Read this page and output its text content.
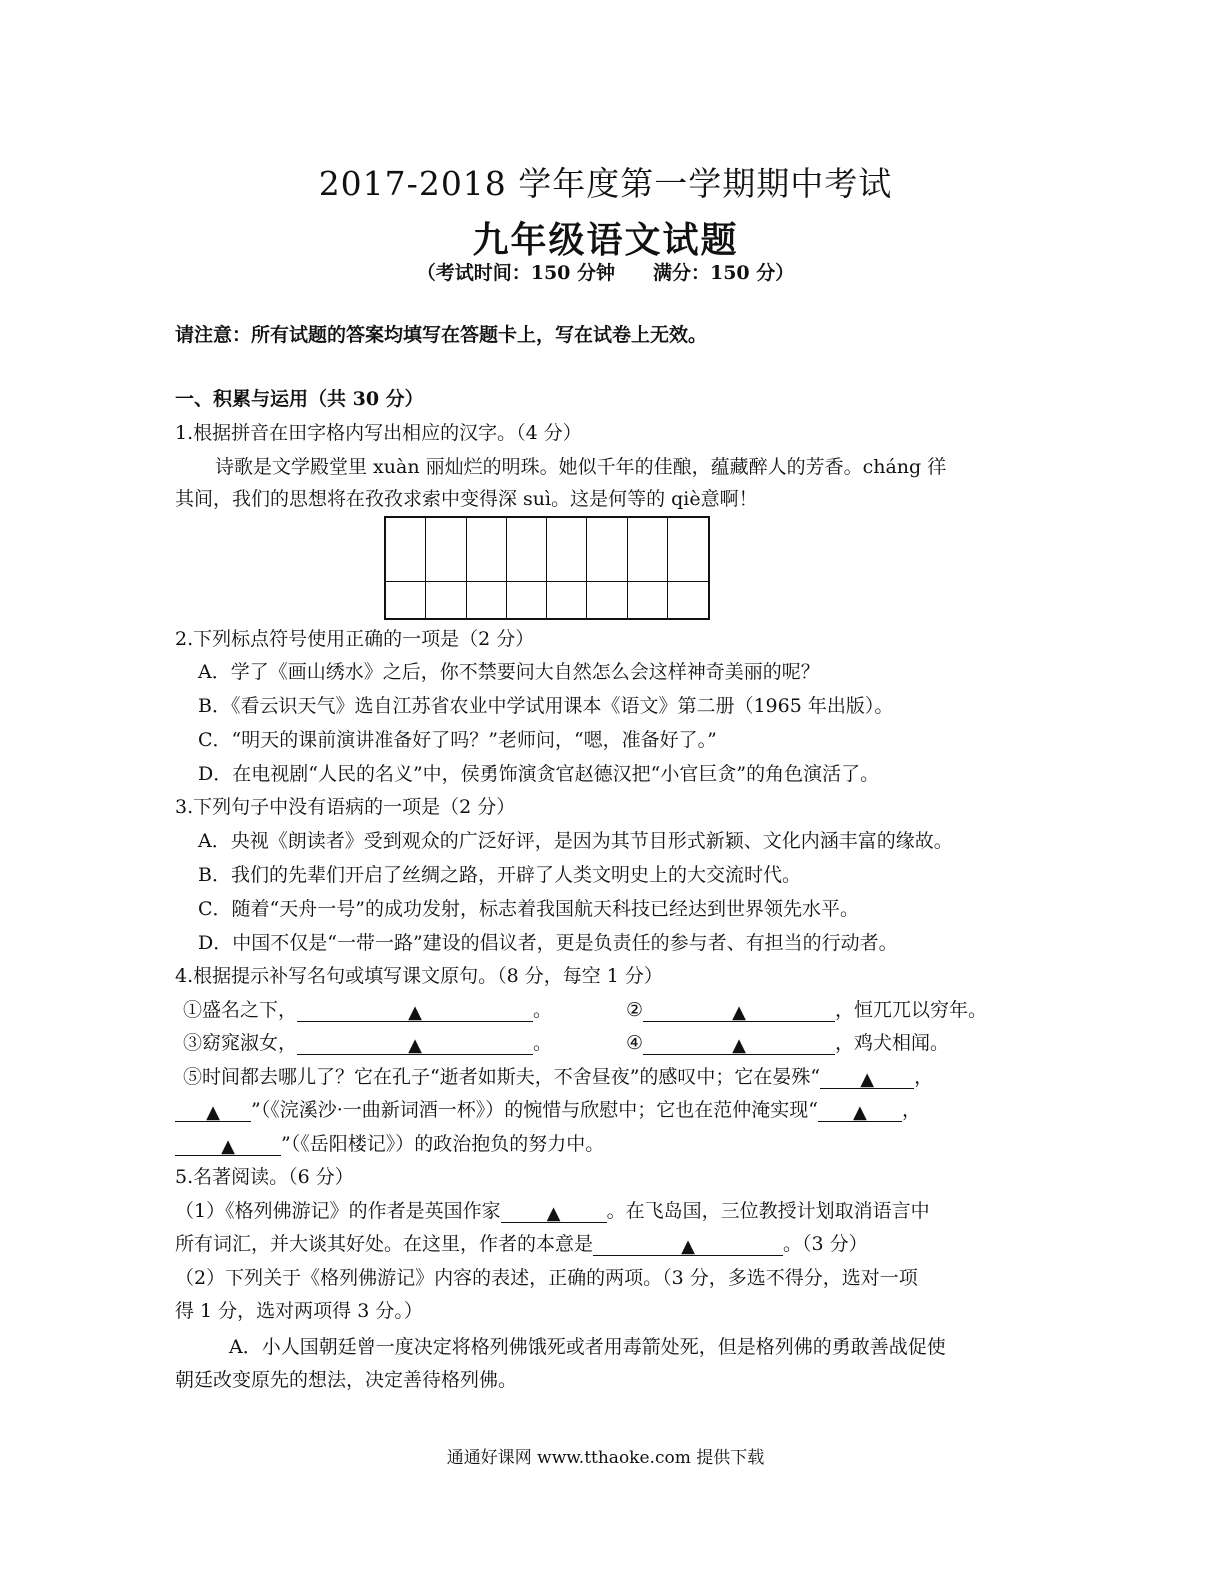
2017-2018 学年度第一学期期中考试
九年级语文试题
（考试时间：150 分钟　　满分：150 分）
请注意：所有试题的答案均填写在答题卡上，写在试卷上无效。
一、积累与运用（共 30 分）
1.根据拼音在田字格内写出相应的汉字。（4 分）
诗歌是文学殿堂里 xuàn 丽灿烂的明珠。她似千年的佳酿，蕴藏醉人的芳香。cháng 徉
其间，我们的思想将在孜孜求索中变得深 suì。这是何等的 qiè意啊！
2.下列标点符号使用正确的一项是（2 分）
A．学了《画山绣水》之后，你不禁要问大自然怎么会这样神奇美丽的呢？
B．《看云识天气》选自江苏省农业中学试用课本《语文》第二册（1965 年出版）。
C．“明天的课前演讲准备好了吗？”老师问，“嗯，准备好了。”
D．在电视剧“人民的名义”中，侯勇饰演贪官赵德汉把“小官巨贪”的角色演活了。
3.下列句子中没有语病的一项是（2 分）
A．央视《朗读者》受到观众的广泛好评，是因为其节目形式新颖、文化内涵丰富的缘故。
B．我们的先辈们开启了丝绸之路，开辟了人类文明史上的大交流时代。
C．随着“天舟一号”的成功发射，标志着我国航天科技已经达到世界领先水平。
D．中国不仅是“一带一路”建设的倡议者，更是负责任的参与者、有担当的行动者。
4.根据提示补写名句或填写课文原句。（8 分，每空 1 分）
①盛名之下，	▲	。	②	▲	，恒兀兀以穷年。
③窈窕淑女，	▲	。	④	▲	，鸡犬相闻。
⑤时间都去哪儿了？它在孔子“逝者如斯夫，不舍昼夜”的感叹中；它在晏殊“ ▲ ，
▲ ”（《浣溪沙·一曲新词酒一杯》）的惋惜与欣慰中；它也在范仲淹实现“ ▲ ，
▲ ”（《岳阳楼记》）的政治抱负的努力中。
5.名著阅读。（6 分）
（1）《格列佛游记》的作者是英国作家	▲ 。在飞岛国，三位教授计划取消语言中
所有词汇，并大谈其好处。在这里，作者的本意是	▲	。（3 分）
（2）下列关于《格列佛游记》内容的表述，正确的两项。（3 分，多选不得分，选对一项
得 1 分，选对两项得 3 分。）
A．小人国朝廷曾一度决定将格列佛饿死或者用毒箭处死，但是格列佛的勇敢善战促使
朝廷改变原先的想法，决定善待格列佛。
通通好课网 www.tthaoke.com 提供下载
